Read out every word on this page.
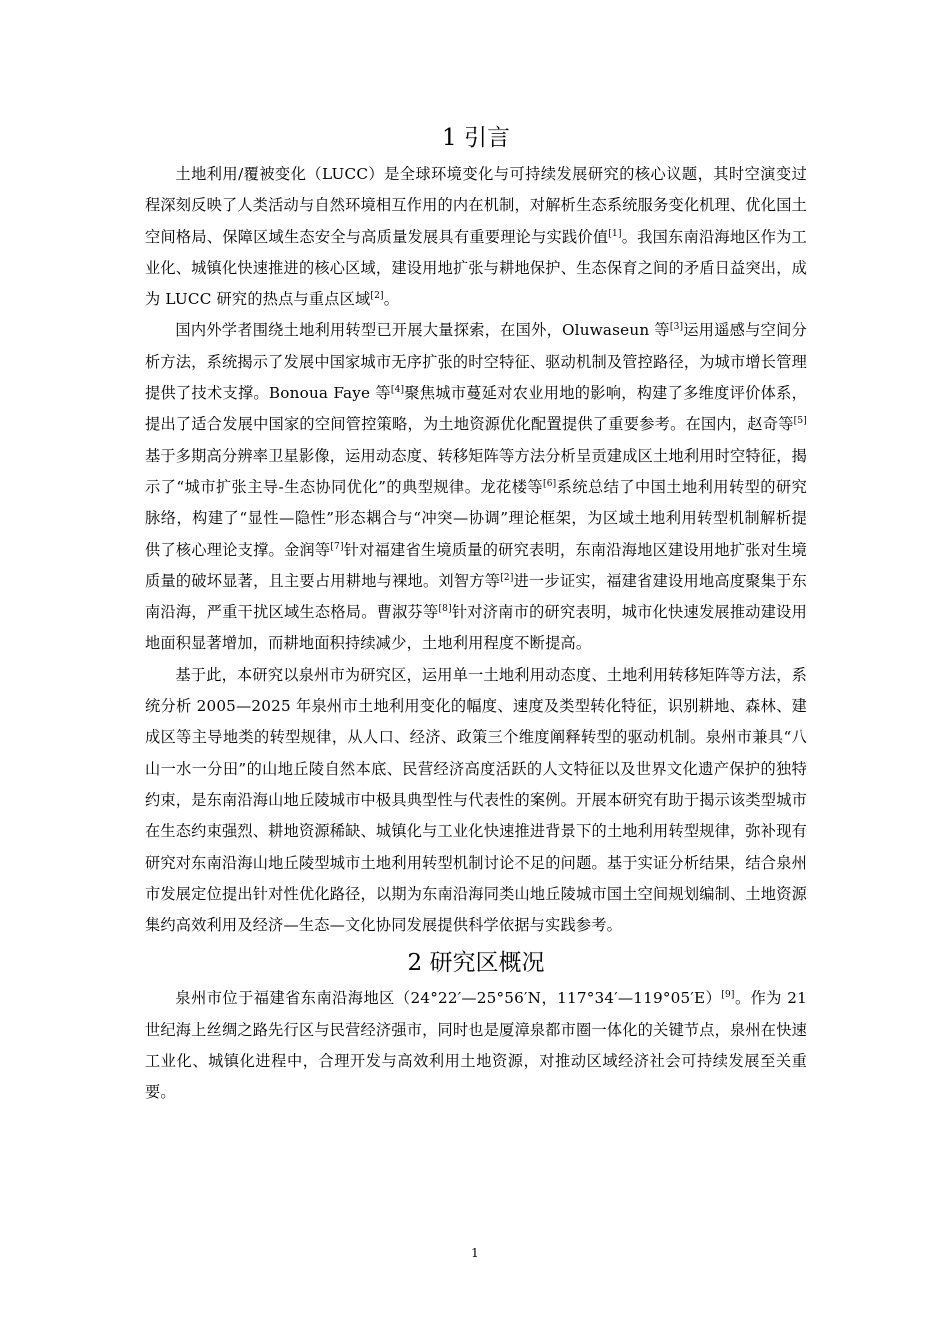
1 引言

土地利用/覆被变化（LUCC）是全球环境变化与可持续发展研究的核心议题，其时空演变过程深刻反映了人类活动与自然环境相互作用的内在机制，对解析生态系统服务变化机理、优化国土空间格局、保障区域生态安全与高质量发展具有重要理论与实践价值[1]。我国东南沿海地区作为工业化、城镇化快速推进的核心区域，建设用地扩张与耕地保护、生态保育之间的矛盾日益突出，成为 LUCC 研究的热点与重点区域[2]。

国内外学者围绕土地利用转型已开展大量探索，在国外，Oluwaseun 等[3]运用遥感与空间分析方法，系统揭示了发展中国家城市无序扩张的时空特征、驱动机制及管控路径，为城市增长管理提供了技术支撑。Bonoua Faye 等[4]聚焦城市蔓延对农业用地的影响，构建了多维度评价体系，提出了适合发展中国家的空间管控策略，为土地资源优化配置提供了重要参考。在国内，赵奇等[5]基于多期高分辨率卫星影像，运用动态度、转移矩阵等方法分析呈贡建成区土地利用时空特征，揭示了“城市扩张主导-生态协同优化”的典型规律。龙花楼等[6]系统总结了中国土地利用转型的研究脉络，构建了“显性—隐性”形态耦合与“冲突—协调”理论框架，为区域土地利用转型机制解析提供了核心理论支撑。金润等[7]针对福建省生境质量的研究表明，东南沿海地区建设用地扩张对生境质量的破坏显著，且主要占用耕地与裸地。刘智方等[2]进一步证实，福建省建设用地高度聚集于东南沿海，严重干扰区域生态格局。曹淑芬等[8]针对济南市的研究表明，城市化快速发展推动建设用地面积显著增加，而耕地面积持续减少，土地利用程度不断提高。

基于此，本研究以泉州市为研究区，运用单一土地利用动态度、土地利用转移矩阵等方法，系统分析 2005—2025 年泉州市土地利用变化的幅度、速度及类型转化特征，识别耕地、森林、建成区等主导地类的转型规律，从人口、经济、政策三个维度阐释转型的驱动机制。泉州市兼具“八山一水一分田”的山地丘陵自然本底、民营经济高度活跃的人文特征以及世界文化遗产保护的独特约束，是东南沿海山地丘陵城市中极具典型性与代表性的案例。开展本研究有助于揭示该类型城市在生态约束强烈、耕地资源稀缺、城镇化与工业化快速推进背景下的土地利用转型规律，弥补现有研究对东南沿海山地丘陵型城市土地利用转型机制讨论不足的问题。基于实证分析结果，结合泉州市发展定位提出针对性优化路径，以期为东南沿海同类山地丘陵城市国土空间规划编制、土地资源集约高效利用及经济—生态—文化协同发展提供科学依据与实践参考。

2 研究区概况

泉州市位于福建省东南沿海地区（24°22′—25°56′N，117°34′—119°05′E）[9]。作为 21 世纪海上丝绸之路先行区与民营经济强市，同时也是厦漳泉都市圈一体化的关键节点，泉州在快速工业化、城镇化进程中，合理开发与高效利用土地资源，对推动区域经济社会可持续发展至关重要。

1
